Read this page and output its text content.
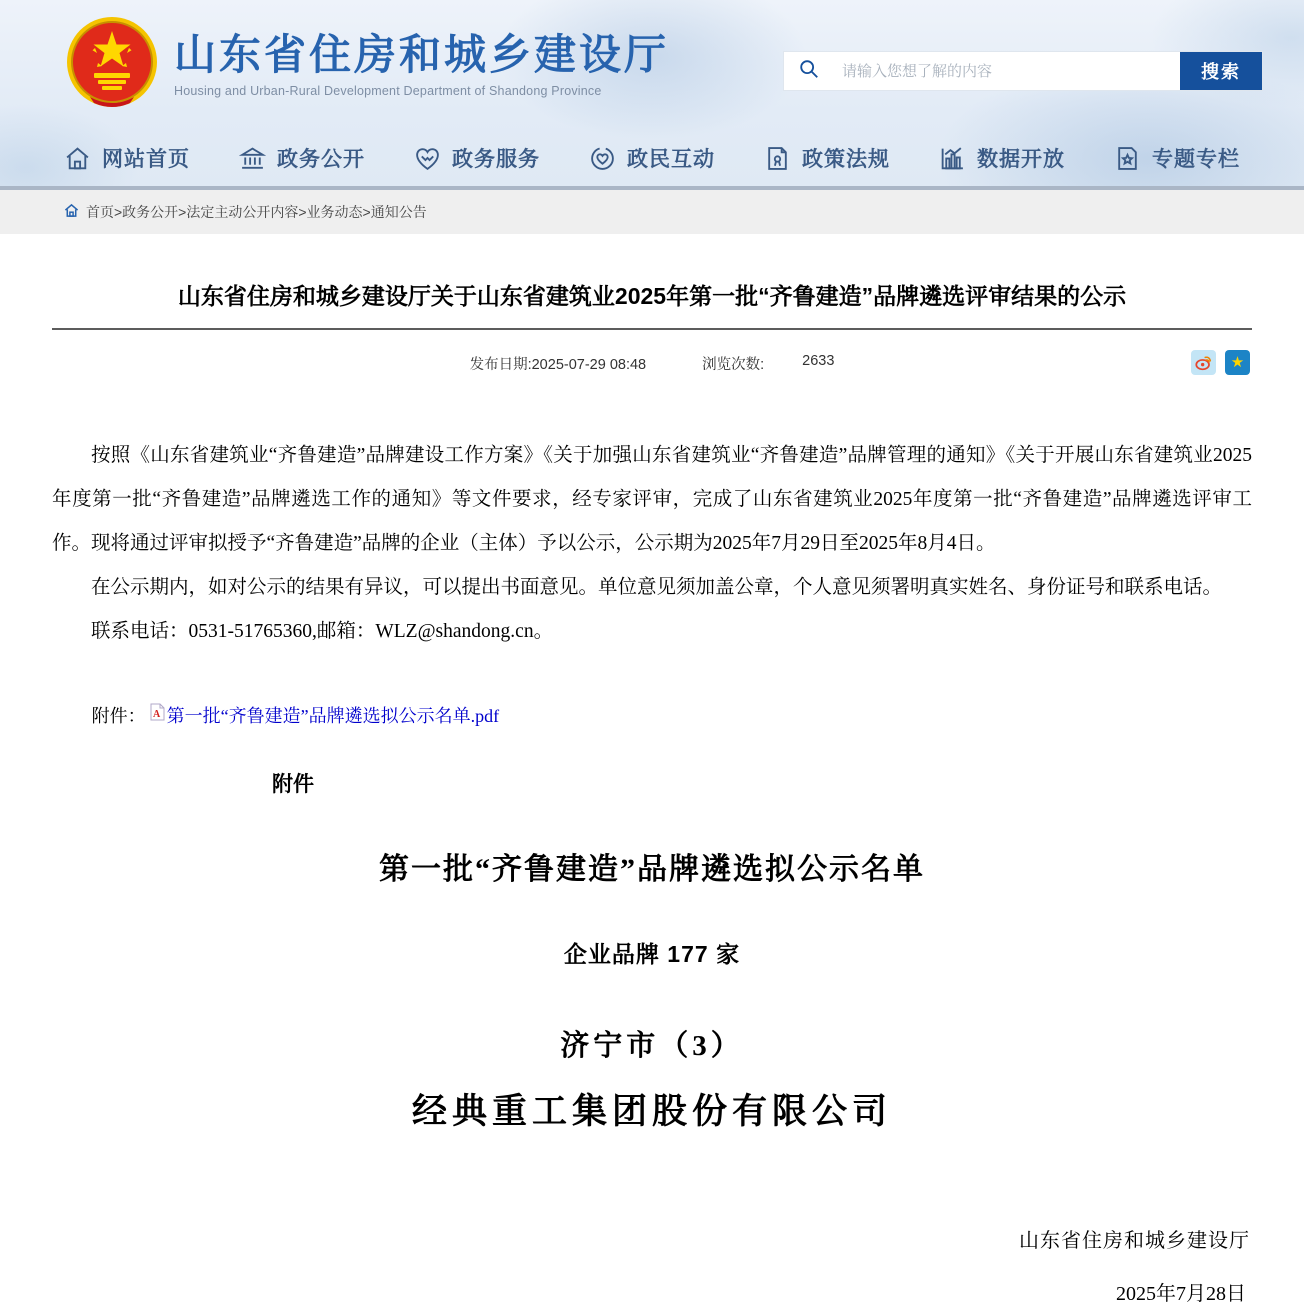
山东省住房和城乡建设厅
Housing and Urban-Rural Development Department of Shandong Province
请输入您想了解的内容
搜索
网站首页	政务公开	政务服务	政民互动	政策法规	数据开放	专题专栏
首页>政务公开>法定主动公开内容>业务动态>通知公告
山东省住房和城乡建设厅关于山东省建筑业2025年第一批“齐鲁建造”品牌遴选评审结果的公示
发布日期:2025-07-29 08:48	浏览次数:	2633	★

按照《山东省建筑业“齐鲁建造”品牌建设工作方案》《关于加强山东省建筑业“齐鲁建造”品牌管理的通知》《关于开展山东省建筑业2025年度第一批“齐鲁建造”品牌遴选工作的通知》等文件要求，经专家评审，完成了山东省建筑业2025年度第一批“齐鲁建造”品牌遴选评审工作。现将通过评审拟授予“齐鲁建造”品牌的企业（主体）予以公示，公示期为2025年7月29日至2025年8月4日。

在公示期内，如对公示的结果有异议，可以提出书面意见。单位意见须加盖公章，个人意见须署明真实姓名、身份证号和联系电话。

联系电话：0531-51765360,邮箱：WLZ@shandong.cn。

附件： A 第一批“齐鲁建造”品牌遴选拟公示名单.pdf
附件
第一批“齐鲁建造”品牌遴选拟公示名单
企业品牌 177 家
济宁市（3）
经典重工集团股份有限公司
山东省住房和城乡建设厅
2025年7月28日
